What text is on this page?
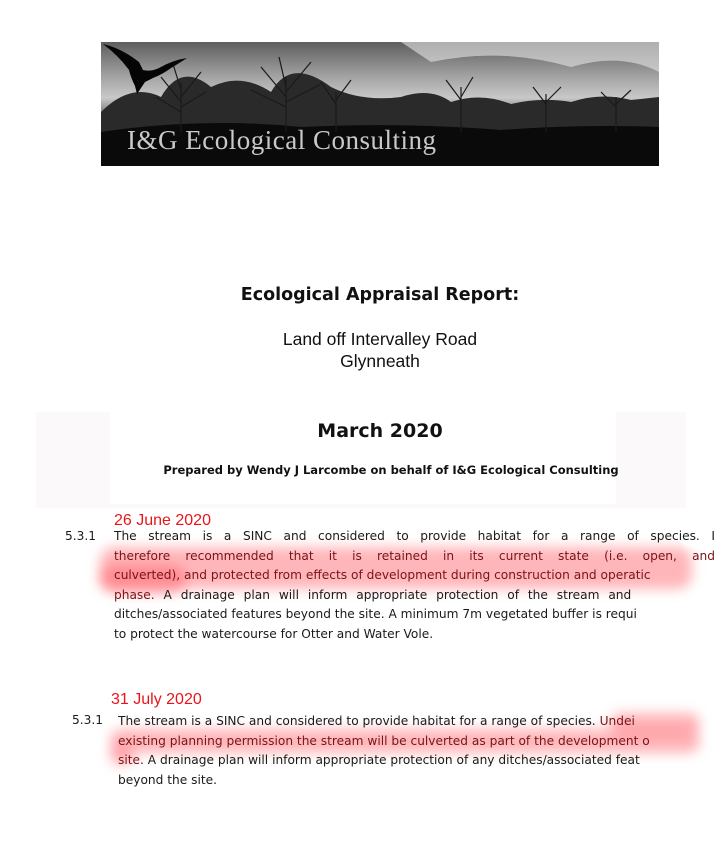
I&G Ecological Consulting
Ecological Appraisal Report:
Land off Intervalley Road
Glynneath
March 2020
Prepared by Wendy J Larcombe on behalf of I&G Ecological Consulting
26 June 2020
5.3.1 The stream is a SINC and considered to provide habitat for a range of species. I
therefore recommended that it is retained in its current state (i.e. open, and
culverted), and protected from effects of development during construction and operatic
phase. A drainage plan will inform appropriate protection of the stream and
ditches/associated features beyond the site. A minimum 7m vegetated buffer is requi
to protect the watercourse for Otter and Water Vole.
31 July 2020
5.3.1 The stream is a SINC and considered to provide habitat for a range of species. Undei
existing planning permission the stream will be culverted as part of the development o
site. A drainage plan will inform appropriate protection of any ditches/associated feat
beyond the site.
